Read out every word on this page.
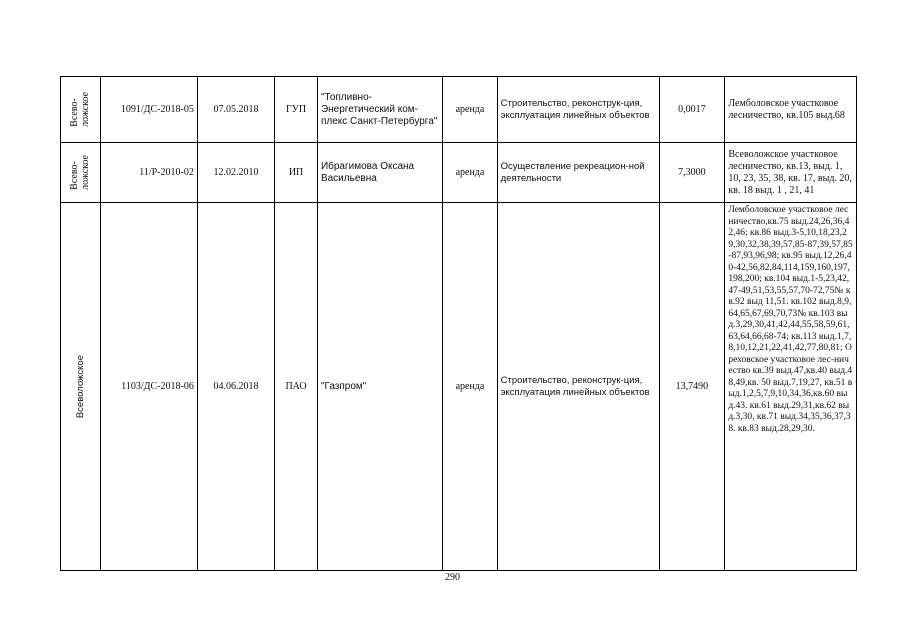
Всево-
ложское	1091/ДС-2018-05	07.05.2018	ГУП	"Топливно-Энергетический ком-плекс Санкт-Петербурга"	аренда	Строительство, реконструк-ция, эксплуатация линейных объектов	0,0017	Лемболовское участковое лесничество, кв.105 выд.68

Всево-
ложское	11/Р-2010-02	12.02.2010	ИП	Ибрагимова Оксана Васильевна	аренда	Осуществление рекреацион-ной деятельности	7,3000	Всеволожское участковое лесничество, кв.13, выд. 1, 10, 23, 35, 38, кв. 17, выд. 20, кв. 18 выд. 1 , 21, 41

Всеволожское	1103/ДС-2018-06	04.06.2018	ПАО	"Газпром"	аренда	Строительство, реконструк-ция, эксплуатация линейных объектов	13,7490	Лемболовское участковое лесничество,кв.75 выд.24,26,36,42,46; кв.86 выд.3-5,10,18,23,29,30,32,38,39,57,85-87,39,57,85-87,93,96,98; кв.95 выд.12,26,40-42,56,82,84,114,159,160,197,198,200; кв.104 выд.1-5,23,42,47-49,51,53,55,57,70-72,75№ кв.92 выд 11,51. кв.102 выд.8,9,64,65,67,69,70,73№ кв.103 выд.3,29,30,41,42,44,55,58,59,61,63,64,66,68-74; кв.113 выд.1,7,8,10,12,21,22,41,42,77,80,81; Ореховское участковое лес-ничество кв.39 выд.47,кв.40 выд.48,49,кв. 50 выд.7,19,27, кв.51 выд.1,2,5,7,9,10,34,36,кв.60 выд.43. кв.61 выд.29,31,кв.62 выд.3,30, кв.71 выд.34,35,36,37,38. кв.83 выд.28,29,30.
290
